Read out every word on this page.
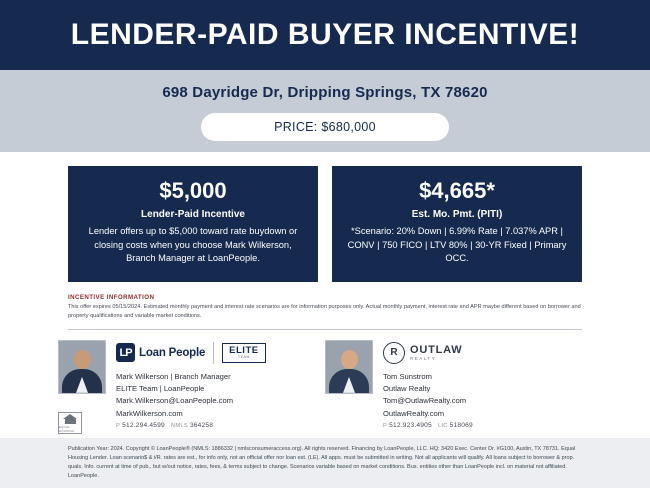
LENDER-PAID BUYER INCENTIVE!
698 Dayridge Dr, Dripping Springs, TX 78620
PRICE: $680,000
$5,000
Lender-Paid Incentive
Lender offers up to $5,000 toward rate buydown or closing costs when you choose Mark Wilkerson, Branch Manager at LoanPeople.
$4,665*
Est. Mo. Pmt. (PITI)
*Scenario: 20% Down | 6.99% Rate | 7.037% APR | CONV | 750 FICO | LTV 80% | 30-YR Fixed | Primary OCC.
INCENTIVE INFORMATION
This offer expires 05/15/2024. Estimated monthly payment and interest rate scenarios are for information purposes only. Actual monthly payment, interest rate and APR maybe different based on borrower and property qualifications and variable market conditions.
LP Loan People	ELITE
TEAM
Mark Wilkerson | Branch Manager
ELITE Team | LoanPeople
Mark.Wilkerson@LoanPeople.com
MarkWilkerson.com
P 512.294.4599 NMLS 364258
R	OUTLAW
REALTY
Tom Sunstrom
Outlaw Realty
Tom@OutlawRealty.com
OutlawRealty.com
P 512.923.4905 LIC 518069
EQUAL HOUSING
Publication Year: 2024. Copyright © LoanPeople® (NMLS: 1886332 | nmlsconsumeraccess.org). All rights reserved. Financing by LoanPeople, LLC. HQ: 3420 Exec. Center Dr. #G100, Austin, TX 78731. Equal Housing Lender. Loan scenario$ & i/R. rates are est., for info only, not an official offer nor loan est. (LE). All apps. must be submitted in writing. Not all applicants will qualify. All loans subject to borrower & prop. quals. Info. current at time of pub., but w/out notice, rates, fees, & terms subject to change. Scenarios variable based on market conditions. Bus. entities other than LoanPeople incl. on material not affiliated. LoanPeople.
